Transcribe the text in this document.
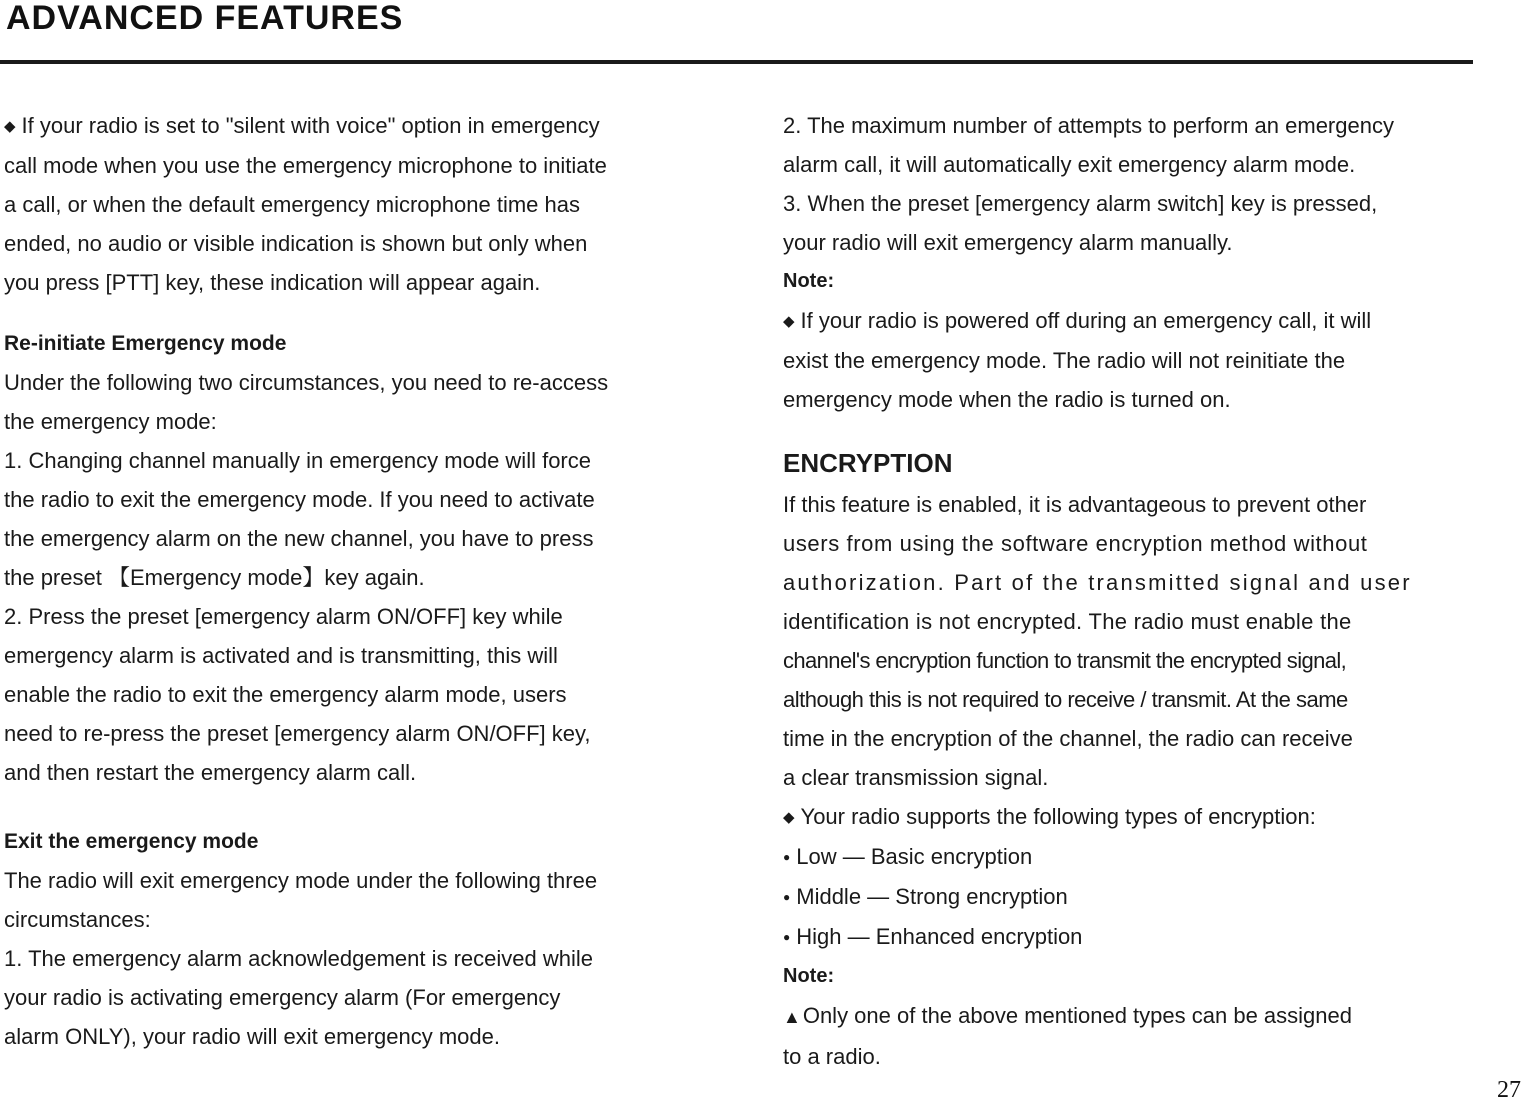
ADVANCED FEATURES

◆ If your radio is set to "silent with voice" option in emergency

call mode when you use the emergency microphone to initiate

a call, or when the default emergency microphone time has

ended, no audio or visible indication is shown but only when

you press [PTT] key, these indication will appear again.

Re-initiate Emergency mode

Under the following two circumstances, you need to re-access

the emergency mode:

1. Changing channel manually in emergency mode will force

the radio to exit the emergency mode. If you need to activate

the emergency alarm on the new channel, you have to press

the preset 【Emergency mode】key again.

2. Press the preset [emergency alarm ON/OFF] key while

emergency alarm is activated and is transmitting, this will

enable the radio to exit the emergency alarm mode, users

need to re-press the preset [emergency alarm ON/OFF] key,

and then restart the emergency alarm call.

Exit the emergency mode

The radio will exit emergency mode under the following three

circumstances:

1. The emergency alarm acknowledgement is received while

your radio is activating emergency alarm (For emergency

alarm ONLY), your radio will exit emergency mode.

2. The maximum number of attempts to perform an emergency

alarm call, it will automatically exit emergency alarm mode.

3. When the preset [emergency alarm switch] key is pressed,

your radio will exit emergency alarm manually.

Note:

◆ If your radio is powered off during an emergency call, it will

exist the emergency mode. The radio will not reinitiate the

emergency mode when the radio is turned on.

ENCRYPTION

If this feature is enabled, it is advantageous to prevent other

users from using the software encryption method without

authorization. Part of the transmitted signal and user

identification is not encrypted. The radio must enable the

channel's encryption function to transmit the encrypted signal,

although this is not required to receive / transmit. At the same

time in the encryption of the channel, the radio can receive

a clear transmission signal.

◆ Your radio supports the following types of encryption:

● Low — Basic encryption

● Middle — Strong encryption

● High — Enhanced encryption

Note:

▲Only one of the above mentioned types can be assigned

to a radio.

27
